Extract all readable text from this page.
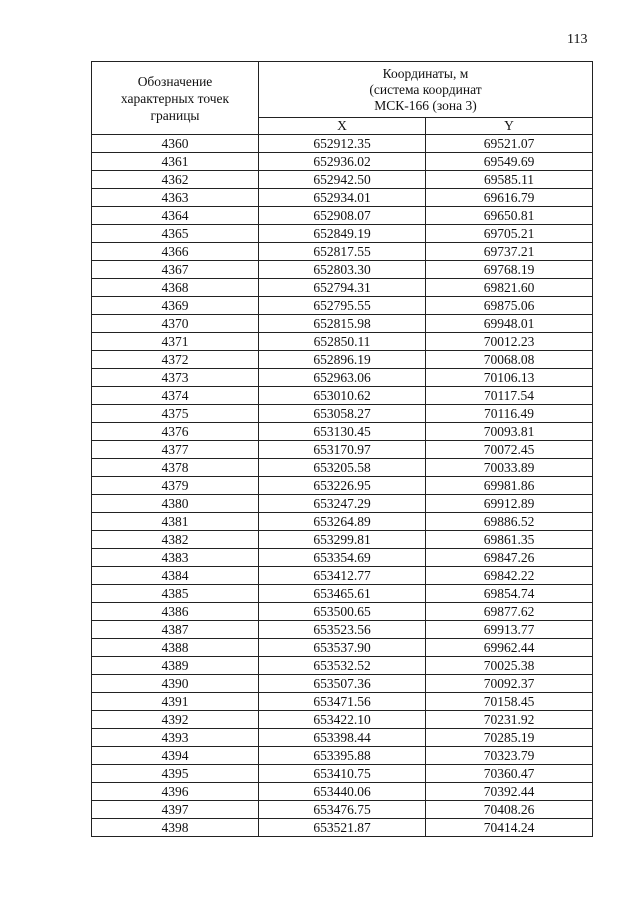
113
Обозначение характерных точек границы	Координаты, м
(система координат
МСК-166 (зона 3)	

	X	Y
4360	652912.35	69521.07
4361	652936.02	69549.69
4362	652942.50	69585.11
4363	652934.01	69616.79
4364	652908.07	69650.81
4365	652849.19	69705.21
4366	652817.55	69737.21
4367	652803.30	69768.19
4368	652794.31	69821.60
4369	652795.55	69875.06
4370	652815.98	69948.01
4371	652850.11	70012.23
4372	652896.19	70068.08
4373	652963.06	70106.13
4374	653010.62	70117.54
4375	653058.27	70116.49
4376	653130.45	70093.81
4377	653170.97	70072.45
4378	653205.58	70033.89
4379	653226.95	69981.86
4380	653247.29	69912.89
4381	653264.89	69886.52
4382	653299.81	69861.35
4383	653354.69	69847.26
4384	653412.77	69842.22
4385	653465.61	69854.74
4386	653500.65	69877.62
4387	653523.56	69913.77
4388	653537.90	69962.44
4389	653532.52	70025.38
4390	653507.36	70092.37
4391	653471.56	70158.45
4392	653422.10	70231.92
4393	653398.44	70285.19
4394	653395.88	70323.79
4395	653410.75	70360.47
4396	653440.06	70392.44
4397	653476.75	70408.26
4398	653521.87	70414.24
